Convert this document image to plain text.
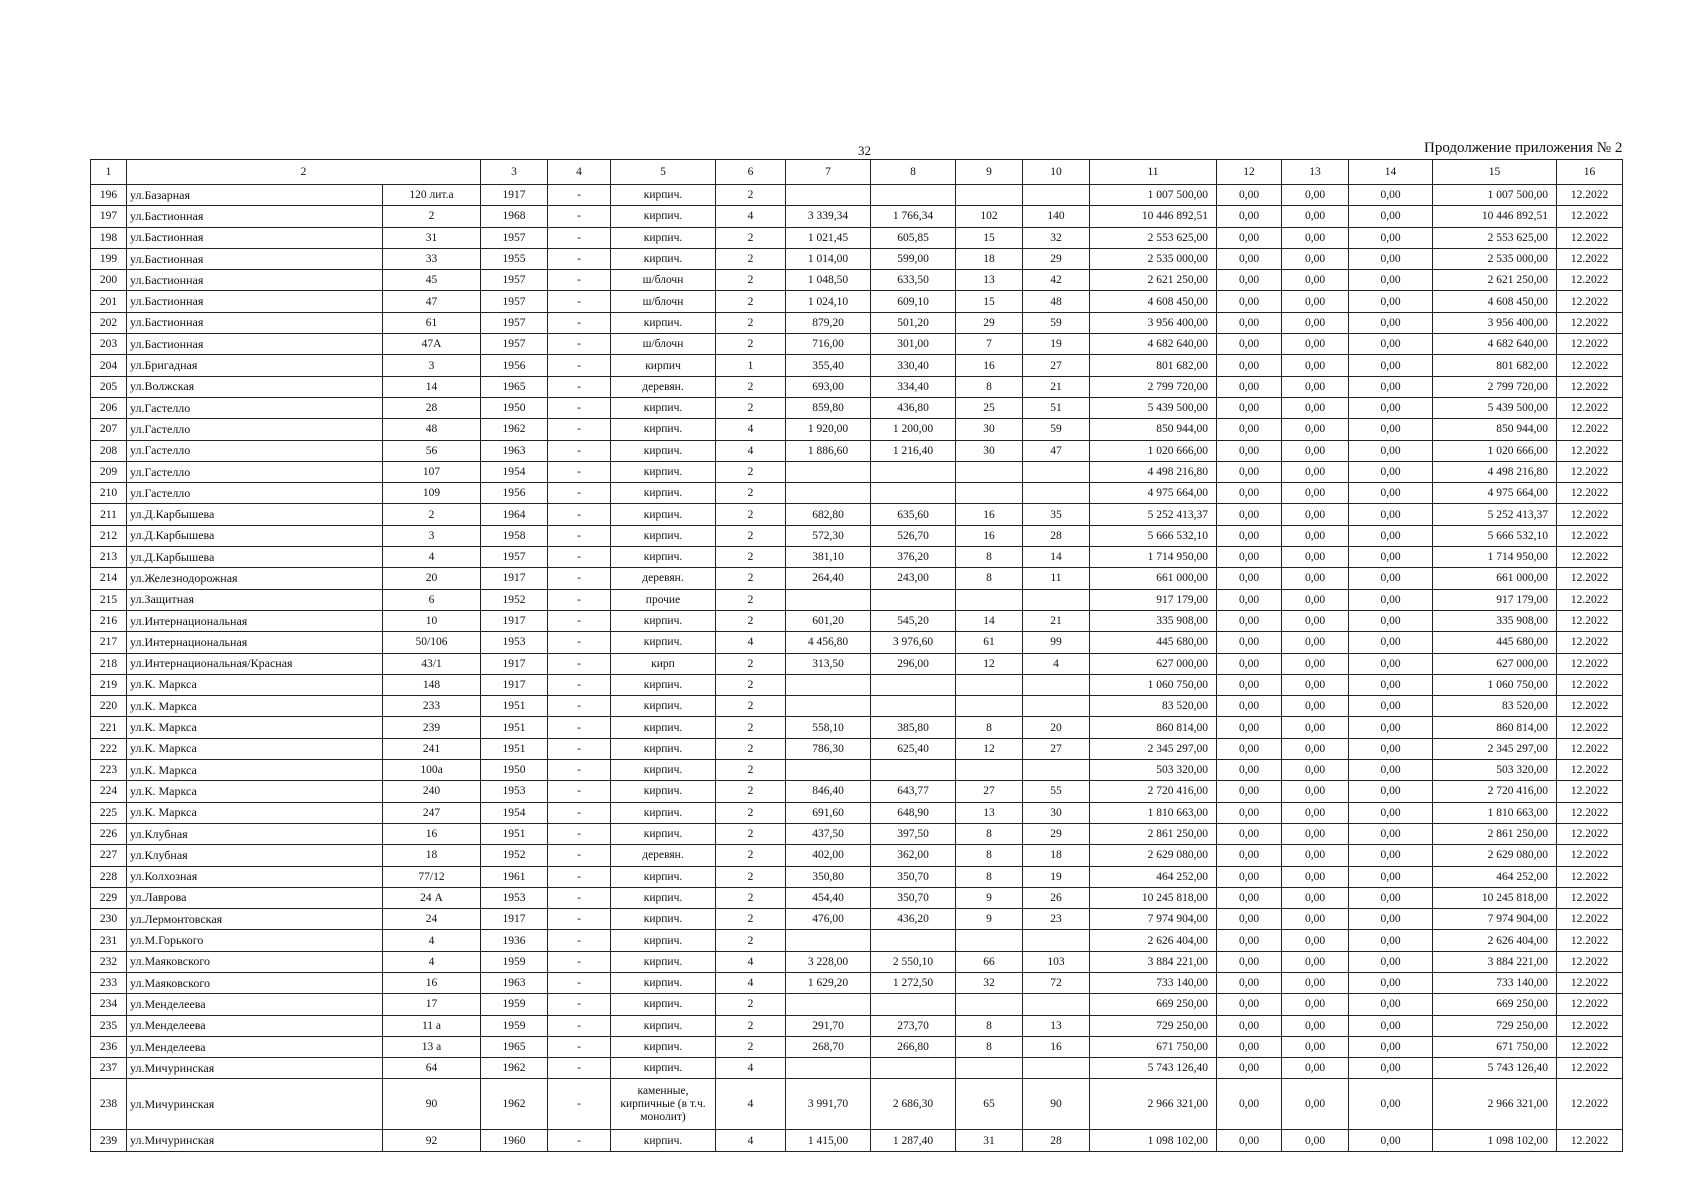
32	Продолжение приложения № 2
1	2		3	4	5	6	7	8	9	10	11	12	13	14	15	16
196	ул.Базарная	120 лит.а	1917	-	кирпич.	2					1 007 500,00	0,00	0,00	0,00	1 007 500,00	12.2022
197	ул.Бастионная	2	1968	-	кирпич.	4	3 339,34	1 766,34	102	140	10 446 892,51	0,00	0,00	0,00	10 446 892,51	12.2022
198	ул.Бастионная	31	1957	-	кирпич.	2	1 021,45	605,85	15	32	2 553 625,00	0,00	0,00	0,00	2 553 625,00	12.2022
199	ул.Бастионная	33	1955	-	кирпич.	2	1 014,00	599,00	18	29	2 535 000,00	0,00	0,00	0,00	2 535 000,00	12.2022
200	ул.Бастионная	45	1957	-	ш/блочн	2	1 048,50	633,50	13	42	2 621 250,00	0,00	0,00	0,00	2 621 250,00	12.2022
201	ул.Бастионная	47	1957	-	ш/блочн	2	1 024,10	609,10	15	48	4 608 450,00	0,00	0,00	0,00	4 608 450,00	12.2022
202	ул.Бастионная	61	1957	-	кирпич.	2	879,20	501,20	29	59	3 956 400,00	0,00	0,00	0,00	3 956 400,00	12.2022
203	ул.Бастионная	47А	1957	-	ш/блочн	2	716,00	301,00	7	19	4 682 640,00	0,00	0,00	0,00	4 682 640,00	12.2022
204	ул.Бригадная	3	1956	-	кирпич	1	355,40	330,40	16	27	801 682,00	0,00	0,00	0,00	801 682,00	12.2022
205	ул.Волжская	14	1965	-	деревян.	2	693,00	334,40	8	21	2 799 720,00	0,00	0,00	0,00	2 799 720,00	12.2022
206	ул.Гастелло	28	1950	-	кирпич.	2	859,80	436,80	25	51	5 439 500,00	0,00	0,00	0,00	5 439 500,00	12.2022
207	ул.Гастелло	48	1962	-	кирпич.	4	1 920,00	1 200,00	30	59	850 944,00	0,00	0,00	0,00	850 944,00	12.2022
208	ул.Гастелло	56	1963	-	кирпич.	4	1 886,60	1 216,40	30	47	1 020 666,00	0,00	0,00	0,00	1 020 666,00	12.2022
209	ул.Гастелло	107	1954	-	кирпич.	2					4 498 216,80	0,00	0,00	0,00	4 498 216,80	12.2022
210	ул.Гастелло	109	1956	-	кирпич.	2					4 975 664,00	0,00	0,00	0,00	4 975 664,00	12.2022
211	ул.Д.Карбышева	2	1964	-	кирпич.	2	682,80	635,60	16	35	5 252 413,37	0,00	0,00	0,00	5 252 413,37	12.2022
212	ул.Д.Карбышева	3	1958	-	кирпич.	2	572,30	526,70	16	28	5 666 532,10	0,00	0,00	0,00	5 666 532,10	12.2022
213	ул.Д.Карбышева	4	1957	-	кирпич.	2	381,10	376,20	8	14	1 714 950,00	0,00	0,00	0,00	1 714 950,00	12.2022
214	ул.Железнодорожная	20	1917	-	деревян.	2	264,40	243,00	8	11	661 000,00	0,00	0,00	0,00	661 000,00	12.2022
215	ул.Защитная	6	1952	-	прочие	2					917 179,00	0,00	0,00	0,00	917 179,00	12.2022
216	ул.Интернациональная	10	1917	-	кирпич.	2	601,20	545,20	14	21	335 908,00	0,00	0,00	0,00	335 908,00	12.2022
217	ул.Интернациональная	50/106	1953	-	кирпич.	4	4 456,80	3 976,60	61	99	445 680,00	0,00	0,00	0,00	445 680,00	12.2022
218	ул.Интернациональная/Красная	43/1	1917	-	кирп	2	313,50	296,00	12	4	627 000,00	0,00	0,00	0,00	627 000,00	12.2022
219	ул.К. Маркса	148	1917	-	кирпич.	2					1 060 750,00	0,00	0,00	0,00	1 060 750,00	12.2022
220	ул.К. Маркса	233	1951	-	кирпич.	2					83 520,00	0,00	0,00	0,00	83 520,00	12.2022
221	ул.К. Маркса	239	1951	-	кирпич.	2	558,10	385,80	8	20	860 814,00	0,00	0,00	0,00	860 814,00	12.2022
222	ул.К. Маркса	241	1951	-	кирпич.	2	786,30	625,40	12	27	2 345 297,00	0,00	0,00	0,00	2 345 297,00	12.2022
223	ул.К. Маркса	100а	1950	-	кирпич.	2					503 320,00	0,00	0,00	0,00	503 320,00	12.2022
224	ул.К. Маркса	240	1953	-	кирпич.	2	846,40	643,77	27	55	2 720 416,00	0,00	0,00	0,00	2 720 416,00	12.2022
225	ул.К. Маркса	247	1954	-	кирпич.	2	691,60	648,90	13	30	1 810 663,00	0,00	0,00	0,00	1 810 663,00	12.2022
226	ул.Клубная	16	1951	-	кирпич.	2	437,50	397,50	8	29	2 861 250,00	0,00	0,00	0,00	2 861 250,00	12.2022
227	ул.Клубная	18	1952	-	деревян.	2	402,00	362,00	8	18	2 629 080,00	0,00	0,00	0,00	2 629 080,00	12.2022
228	ул.Колхозная	77/12	1961	-	кирпич.	2	350,80	350,70	8	19	464 252,00	0,00	0,00	0,00	464 252,00	12.2022
229	ул.Лаврова	24 А	1953	-	кирпич.	2	454,40	350,70	9	26	10 245 818,00	0,00	0,00	0,00	10 245 818,00	12.2022
230	ул.Лермонтовская	24	1917	-	кирпич.	2	476,00	436,20	9	23	7 974 904,00	0,00	0,00	0,00	7 974 904,00	12.2022
231	ул.М.Горького	4	1936	-	кирпич.	2					2 626 404,00	0,00	0,00	0,00	2 626 404,00	12.2022
232	ул.Маяковского	4	1959	-	кирпич.	4	3 228,00	2 550,10	66	103	3 884 221,00	0,00	0,00	0,00	3 884 221,00	12.2022
233	ул.Маяковского	16	1963	-	кирпич.	4	1 629,20	1 272,50	32	72	733 140,00	0,00	0,00	0,00	733 140,00	12.2022
234	ул.Менделеева	17	1959	-	кирпич.	2					669 250,00	0,00	0,00	0,00	669 250,00	12.2022
235	ул.Менделеева	11 а	1959	-	кирпич.	2	291,70	273,70	8	13	729 250,00	0,00	0,00	0,00	729 250,00	12.2022
236	ул.Менделеева	13 а	1965	-	кирпич.	2	268,70	266,80	8	16	671 750,00	0,00	0,00	0,00	671 750,00	12.2022
237	ул.Мичуринская	64	1962	-	кирпич.	4					5 743 126,40	0,00	0,00	0,00	5 743 126,40	12.2022
238	ул.Мичуринская	90	1962	-	каменные, кирпичные (в т.ч. монолит)	4	3 991,70	2 686,30	65	90	2 966 321,00	0,00	0,00	0,00	2 966 321,00	12.2022
239	ул.Мичуринская	92	1960	-	кирпич.	4	1 415,00	1 287,40	31	28	1 098 102,00	0,00	0,00	0,00	1 098 102,00	12.2022
